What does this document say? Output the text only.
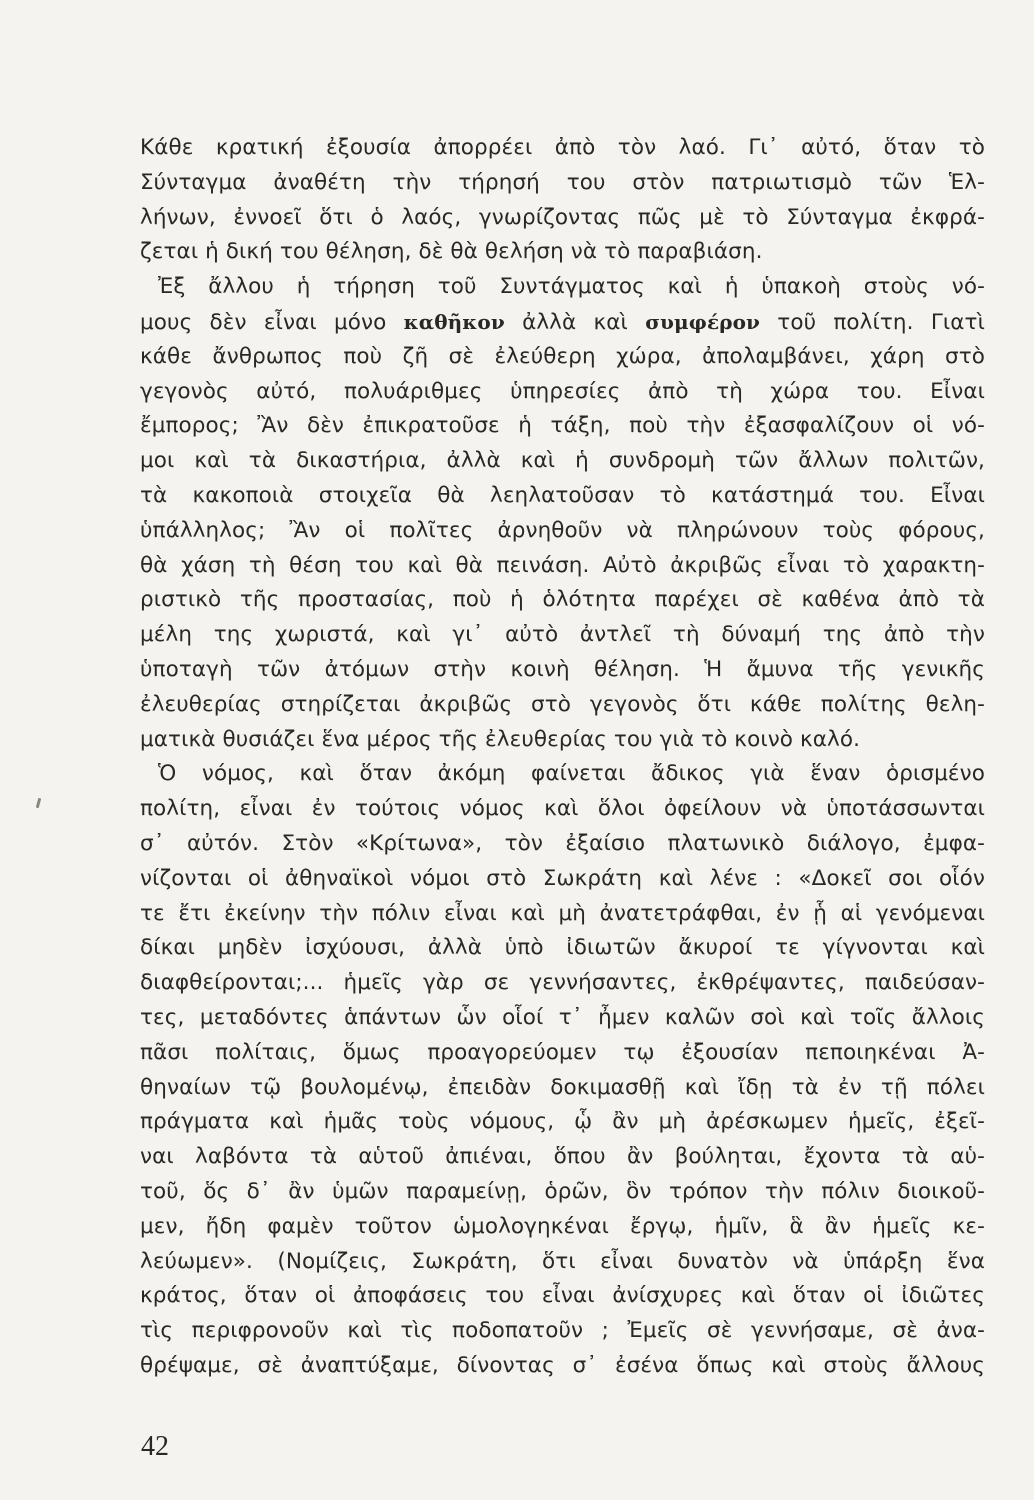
Κάθε κρατική ἐξουσία ἀπορρέει ἀπὸ τὸν λαό. Γι᾽ αὐτό, ὅταν τὸ
Σύνταγμα ἀναθέτη τὴν τήρησή του στὸν πατριωτισμὸ τῶν Ἑλ-
λήνων, ἐννοεῖ ὅτι ὁ λαός, γνωρίζοντας πῶς μὲ τὸ Σύνταγμα ἐκφρά-
ζεται ἡ δική του θέληση, δὲ θὰ θελήση νὰ τὸ παραβιάση.
Ἐξ ἄλλου ἡ τήρηση τοῦ Συντάγματος καὶ ἡ ὑπακοὴ στοὺς νό-
μους δὲν εἶναι μόνο καθῆκον ἀλλὰ καὶ συμφέρον τοῦ πολίτη. Γιατὶ
κάθε ἄνθρωπος ποὺ ζῆ σὲ ἐλεύθερη χώρα, ἀπολαμβάνει, χάρη στὸ
γεγονὸς αὐτό, πολυάριθμες ὑπηρεσίες ἀπὸ τὴ χώρα του. Εἶναι
ἔμπορος; Ἂν δὲν ἐπικρατοῦσε ἡ τάξη, ποὺ τὴν ἐξασφαλίζουν οἱ νό-
μοι καὶ τὰ δικαστήρια, ἀλλὰ καὶ ἡ συνδρομὴ τῶν ἄλλων πολιτῶν,
τὰ κακοποιὰ στοιχεῖα θὰ λεηλατοῦσαν τὸ κατάστημά του. Εἶναι
ὑπάλληλος; Ἂν οἱ πολῖτες ἀρνηθοῦν νὰ πληρώνουν τοὺς φόρους,
θὰ χάση τὴ θέση του καὶ θὰ πεινάση. Αὐτὸ ἀκριβῶς εἶναι τὸ χαρακτη-
ριστικὸ τῆς προστασίας, ποὺ ἡ ὁλότητα παρέχει σὲ καθένα ἀπὸ τὰ
μέλη της χωριστά, καὶ γι᾽ αὐτὸ ἀντλεῖ τὴ δύναμή της ἀπὸ τὴν
ὑποταγὴ τῶν ἀτόμων στὴν κοινὴ θέληση. Ἡ ἄμυνα τῆς γενικῆς
ἐλευθερίας στηρίζεται ἀκριβῶς στὸ γεγονὸς ὅτι κάθε πολίτης θελη-
ματικὰ θυσιάζει ἕνα μέρος τῆς ἐλευθερίας του γιὰ τὸ κοινὸ καλό.
Ὁ νόμος, καὶ ὅταν ἀκόμη φαίνεται ἄδικος γιὰ ἕναν ὁρισμένο
πολίτη, εἶναι ἐν τούτοις νόμος καὶ ὅλοι ὀφείλουν νὰ ὑποτάσσωνται
σ᾽ αὐτόν. Στὸν «Κρίτωνα», τὸν ἐξαίσιο πλατωνικὸ διάλογο, ἐμφα-
νίζονται οἱ ἀθηναϊκοὶ νόμοι στὸ Σωκράτη καὶ λένε : «Δοκεῖ σοι οἷόν
τε ἔτι ἐκείνην τὴν πόλιν εἶναι καὶ μὴ ἀνατετράφθαι, ἐν ᾗ αἱ γενόμεναι
δίκαι μηδὲν ἰσχύουσι, ἀλλὰ ὑπὸ ἰδιωτῶν ἄκυροί τε γίγνονται καὶ
διαφθείρονται;... ἡμεῖς γὰρ σε γεννήσαντες, ἐκθρέψαντες, παιδεύσαν-
τες, μεταδόντες ἁπάντων ὧν οἷοί τ᾽ ἦμεν καλῶν σοὶ καὶ τοῖς ἄλλοις
πᾶσι πολίταις, ὅμως προαγορεύομεν τῳ ἐξουσίαν πεποιηκέναι Ἀ-
θηναίων τῷ βουλομένῳ, ἐπειδὰν δοκιμασθῇ καὶ ἴδῃ τὰ ἐν τῇ πόλει
πράγματα καὶ ἡμᾶς τοὺς νόμους, ᾧ ἂν μὴ ἀρέσκωμεν ἡμεῖς, ἐξεῖ-
ναι λαβόντα τὰ αὑτοῦ ἀπιέναι, ὅπου ἂν βούληται, ἔχοντα τὰ αὑ-
τοῦ, ὅς δ᾽ ἂν ὑμῶν παραμείνῃ, ὁρῶν, ὃν τρόπον τὴν πόλιν διοικοῦ-
μεν, ἤδη φαμὲν τοῦτον ὡμολογηκέναι ἔργῳ, ἡμῖν, ἃ ἂν ἡμεῖς κε-
λεύωμεν». (Νομίζεις, Σωκράτη, ὅτι εἶναι δυνατὸν νὰ ὑπάρξη ἕνα
κράτος, ὅταν οἱ ἀποφάσεις του εἶναι ἀνίσχυρες καὶ ὅταν οἱ ἰδιῶτες
τὶς περιφρονοῦν καὶ τὶς ποδοπατοῦν ; Ἐμεῖς σὲ γεννήσαμε, σὲ ἀνα-
θρέψαμε, σὲ ἀναπτύξαμε, δίνοντας σ᾽ ἐσένα ὅπως καὶ στοὺς ἄλλους
42
